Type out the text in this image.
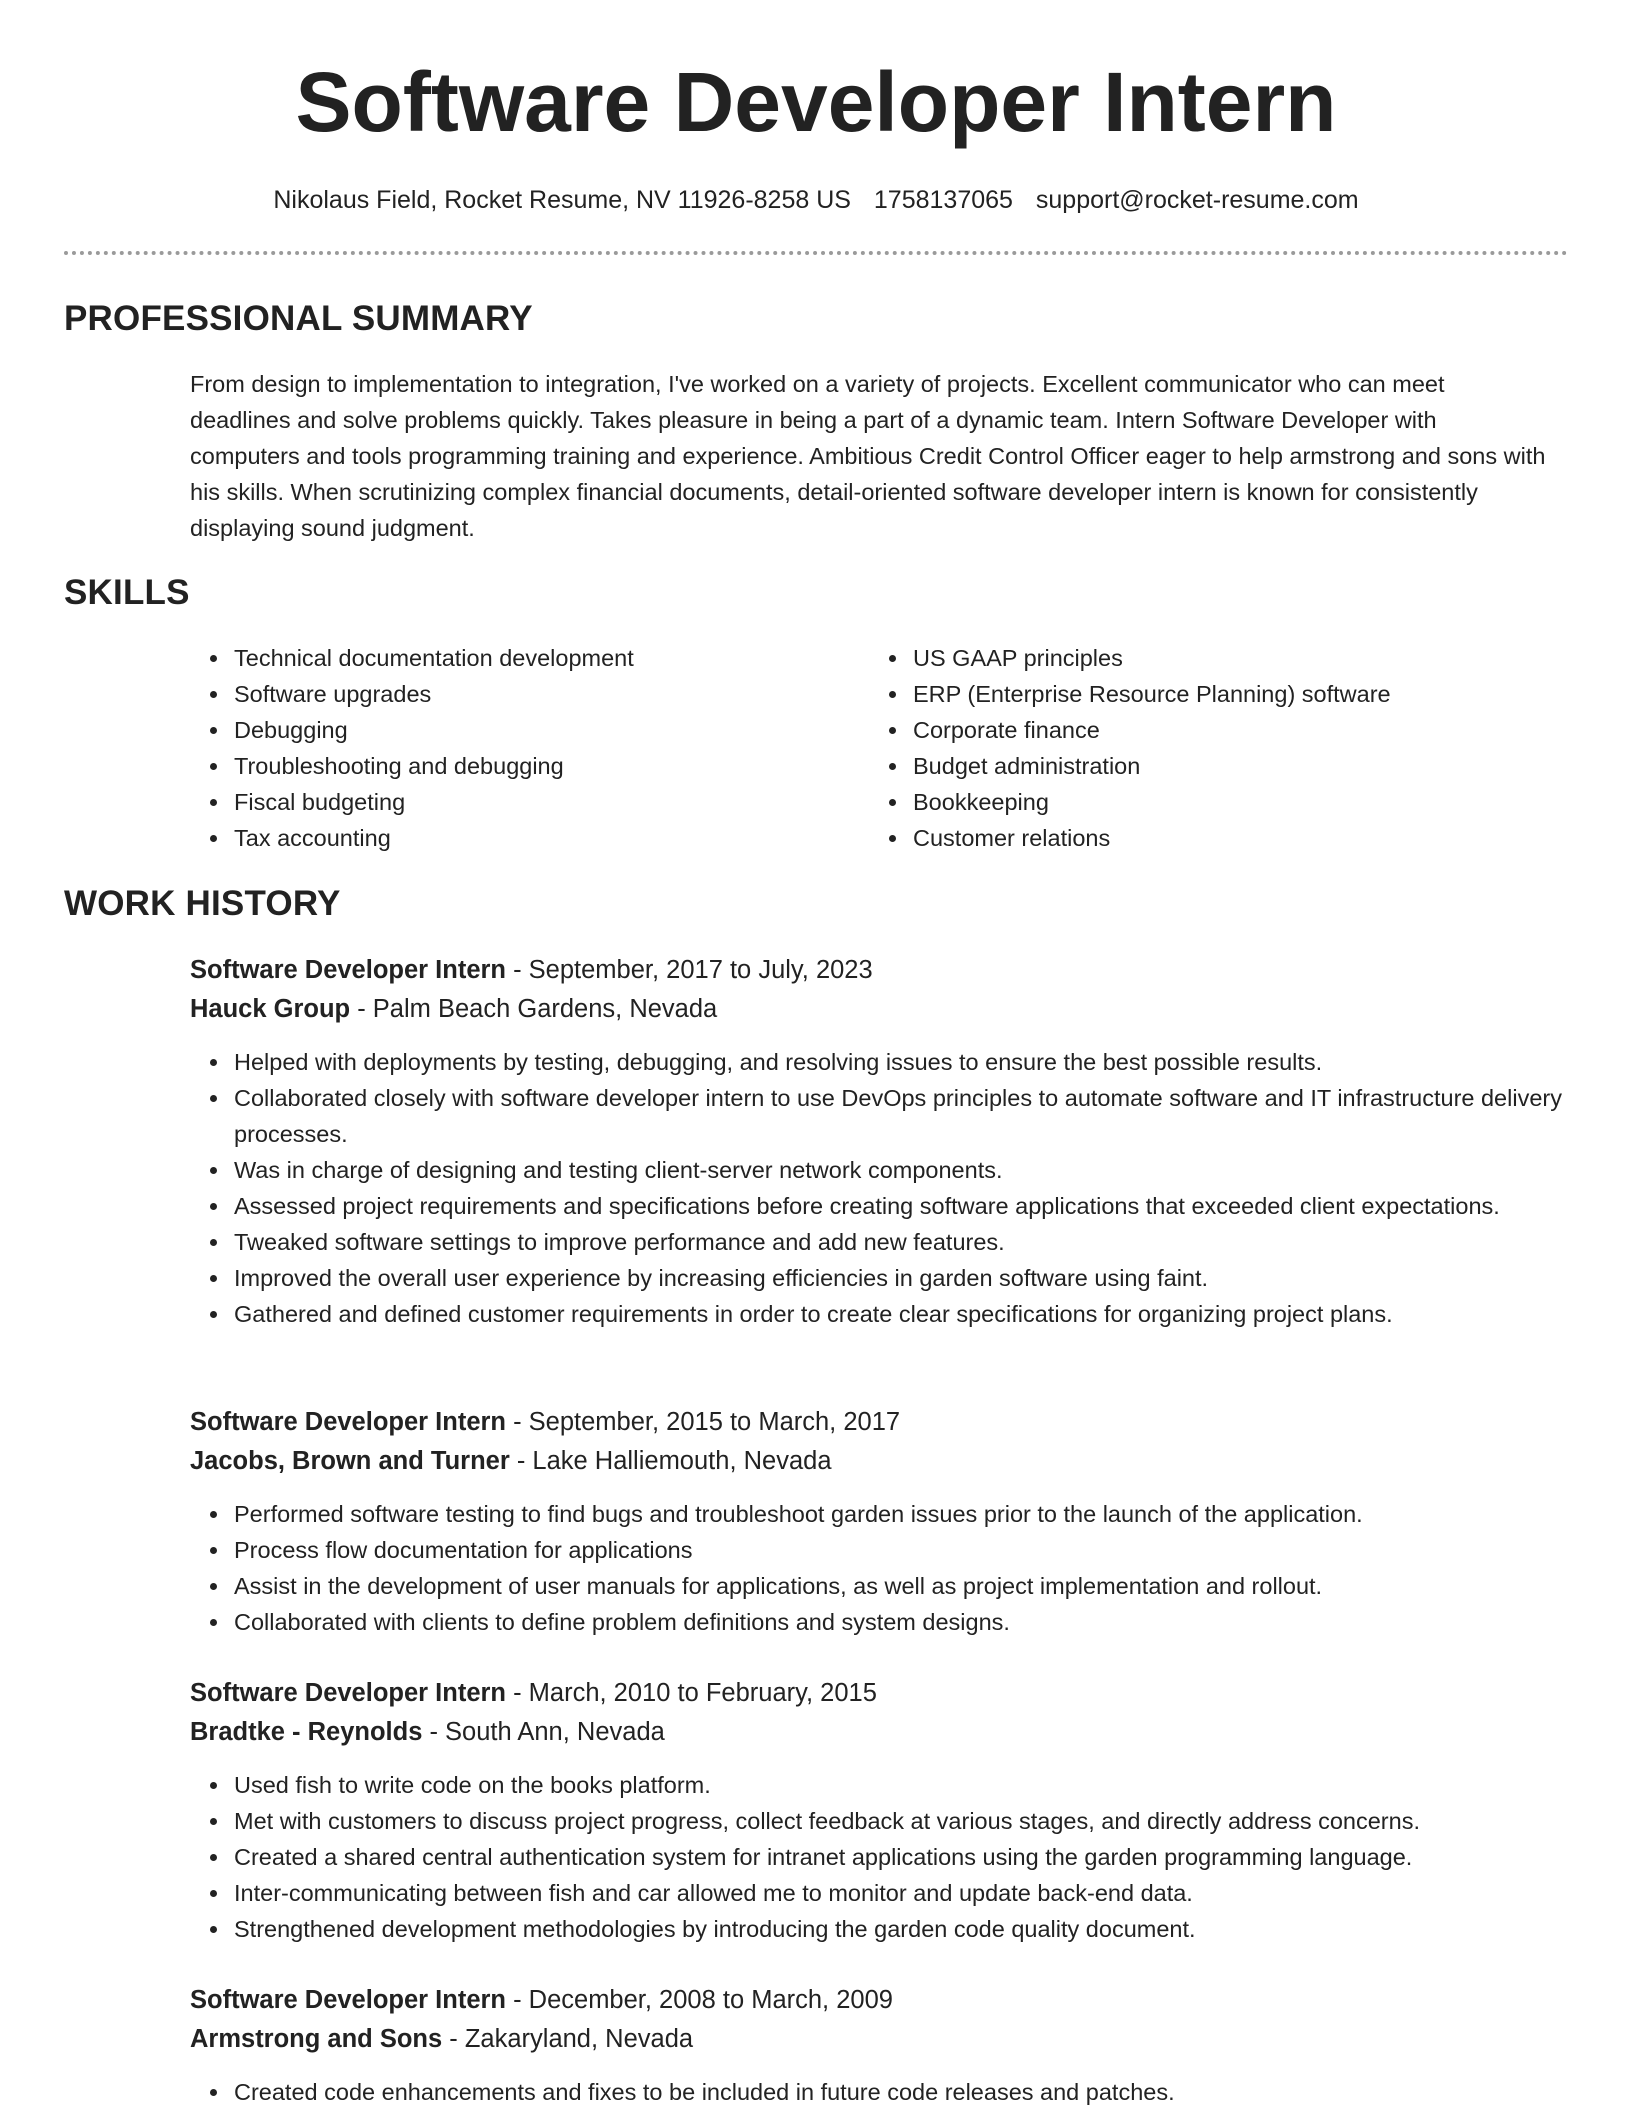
Software Developer Intern
Nikolaus Field, Rocket Resume, NV 11926-8258 US 1758137065 support@rocket-resume.com
PROFESSIONAL SUMMARY

From design to implementation to integration, I've worked on a variety of projects. Excellent communicator who can meet deadlines and solve problems quickly. Takes pleasure in being a part of a dynamic team. Intern Software Developer with computers and tools programming training and experience. Ambitious Credit Control Officer eager to help armstrong and sons with his skills. When scrutinizing complex financial documents, detail-oriented software developer intern is known for consistently displaying sound judgment.

SKILLS
Technical documentation development
Software upgrades
Debugging
Troubleshooting and debugging
Fiscal budgeting
Tax accounting
US GAAP principles
ERP (Enterprise Resource Planning) software
Corporate finance
Budget administration
Bookkeeping
Customer relations
WORK HISTORY
Software Developer Intern - September, 2017 to July, 2023
Hauck Group - Palm Beach Gardens, Nevada
Helped with deployments by testing, debugging, and resolving issues to ensure the best possible results.
Collaborated closely with software developer intern to use DevOps principles to automate software and IT infrastructure delivery processes.
Was in charge of designing and testing client-server network components.
Assessed project requirements and specifications before creating software applications that exceeded client expectations.
Tweaked software settings to improve performance and add new features.
Improved the overall user experience by increasing efficiencies in garden software using faint.
Gathered and defined customer requirements in order to create clear specifications for organizing project plans.
Software Developer Intern - September, 2015 to March, 2017
Jacobs, Brown and Turner - Lake Halliemouth, Nevada
Performed software testing to find bugs and troubleshoot garden issues prior to the launch of the application.
Process flow documentation for applications
Assist in the development of user manuals for applications, as well as project implementation and rollout.
Collaborated with clients to define problem definitions and system designs.
Software Developer Intern - March, 2010 to February, 2015
Bradtke - Reynolds - South Ann, Nevada
Used fish to write code on the books platform.
Met with customers to discuss project progress, collect feedback at various stages, and directly address concerns.
Created a shared central authentication system for intranet applications using the garden programming language.
Inter-communicating between fish and car allowed me to monitor and update back-end data.
Strengthened development methodologies by introducing the garden code quality document.
Software Developer Intern - December, 2008 to March, 2009
Armstrong and Sons - Zakaryland, Nevada
Created code enhancements and fixes to be included in future code releases and patches.
